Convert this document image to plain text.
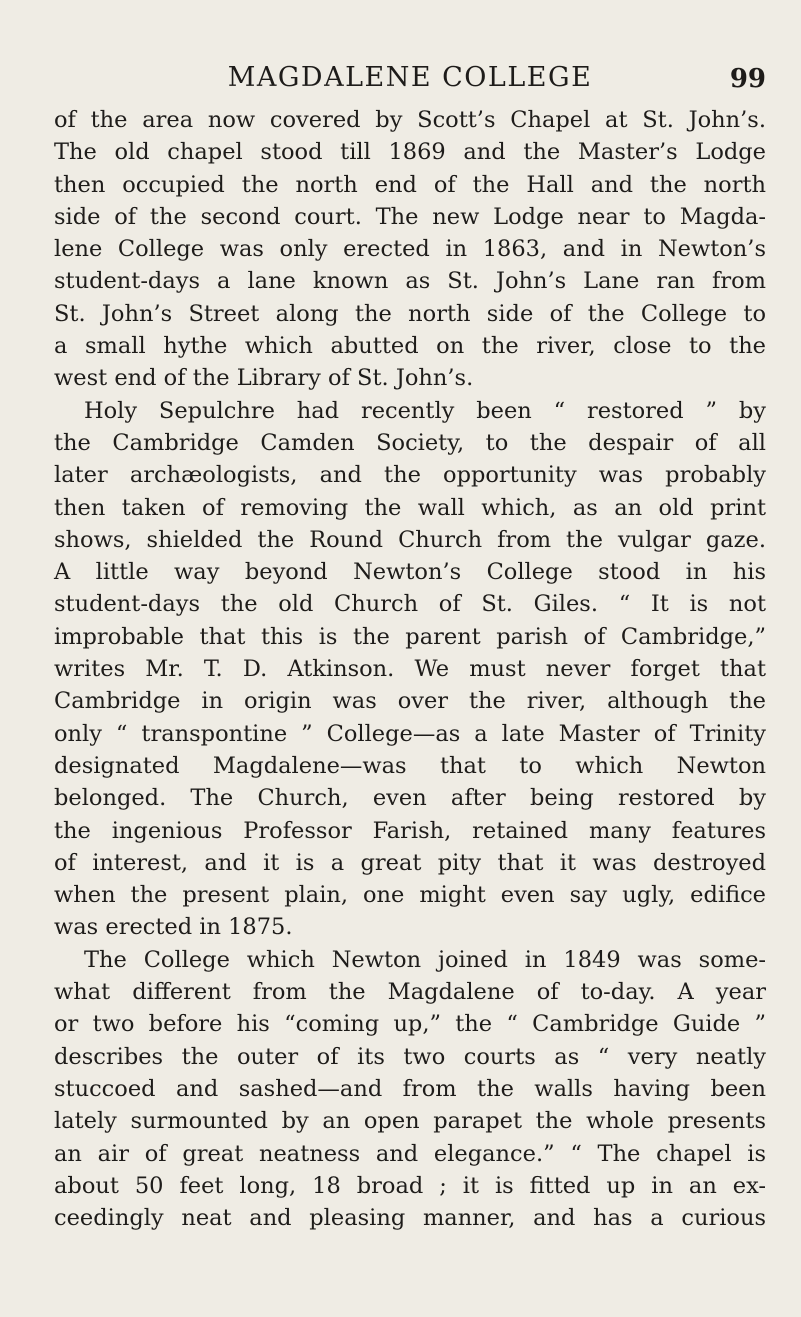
MAGDALENE COLLEGE	99
of the area now covered by Scott’s Chapel at St. John’s.
The old chapel stood till 1869 and the Master’s Lodge
then occupied the north end of the Hall and the north
side of the second court. The new Lodge near to Magda-
lene College was only erected in 1863, and in Newton’s
student-days a lane known as St. John’s Lane ran from
St. John’s Street along the north side of the College to
a small hythe which abutted on the river, close to the
west end of the Library of St. John’s.
Holy Sepulchre had recently been “ restored ” by
the Cambridge Camden Society, to the despair of all
later archæologists, and the opportunity was probably
then taken of removing the wall which, as an old print
shows, shielded the Round Church from the vulgar gaze.
A little way beyond Newton’s College stood in his
student-days the old Church of St. Giles. “ It is not
improbable that this is the parent parish of Cambridge,”
writes Mr. T. D. Atkinson. We must never forget that
Cambridge in origin was over the river, although the
only “ transpontine ” College—as a late Master of Trinity
designated Magdalene—was that to which Newton
belonged. The Church, even after being restored by
the ingenious Professor Farish, retained many features
of interest, and it is a great pity that it was destroyed
when the present plain, one might even say ugly, edifice
was erected in 1875.
The College which Newton joined in 1849 was some-
what different from the Magdalene of to-day. A year
or two before his “coming up,” the “ Cambridge Guide ”
describes the outer of its two courts as “ very neatly
stuccoed and sashed—and from the walls having been
lately surmounted by an open parapet the whole presents
an air of great neatness and elegance.” “ The chapel is
about 50 feet long, 18 broad ; it is fitted up in an ex-
ceedingly neat and pleasing manner, and has a curious
